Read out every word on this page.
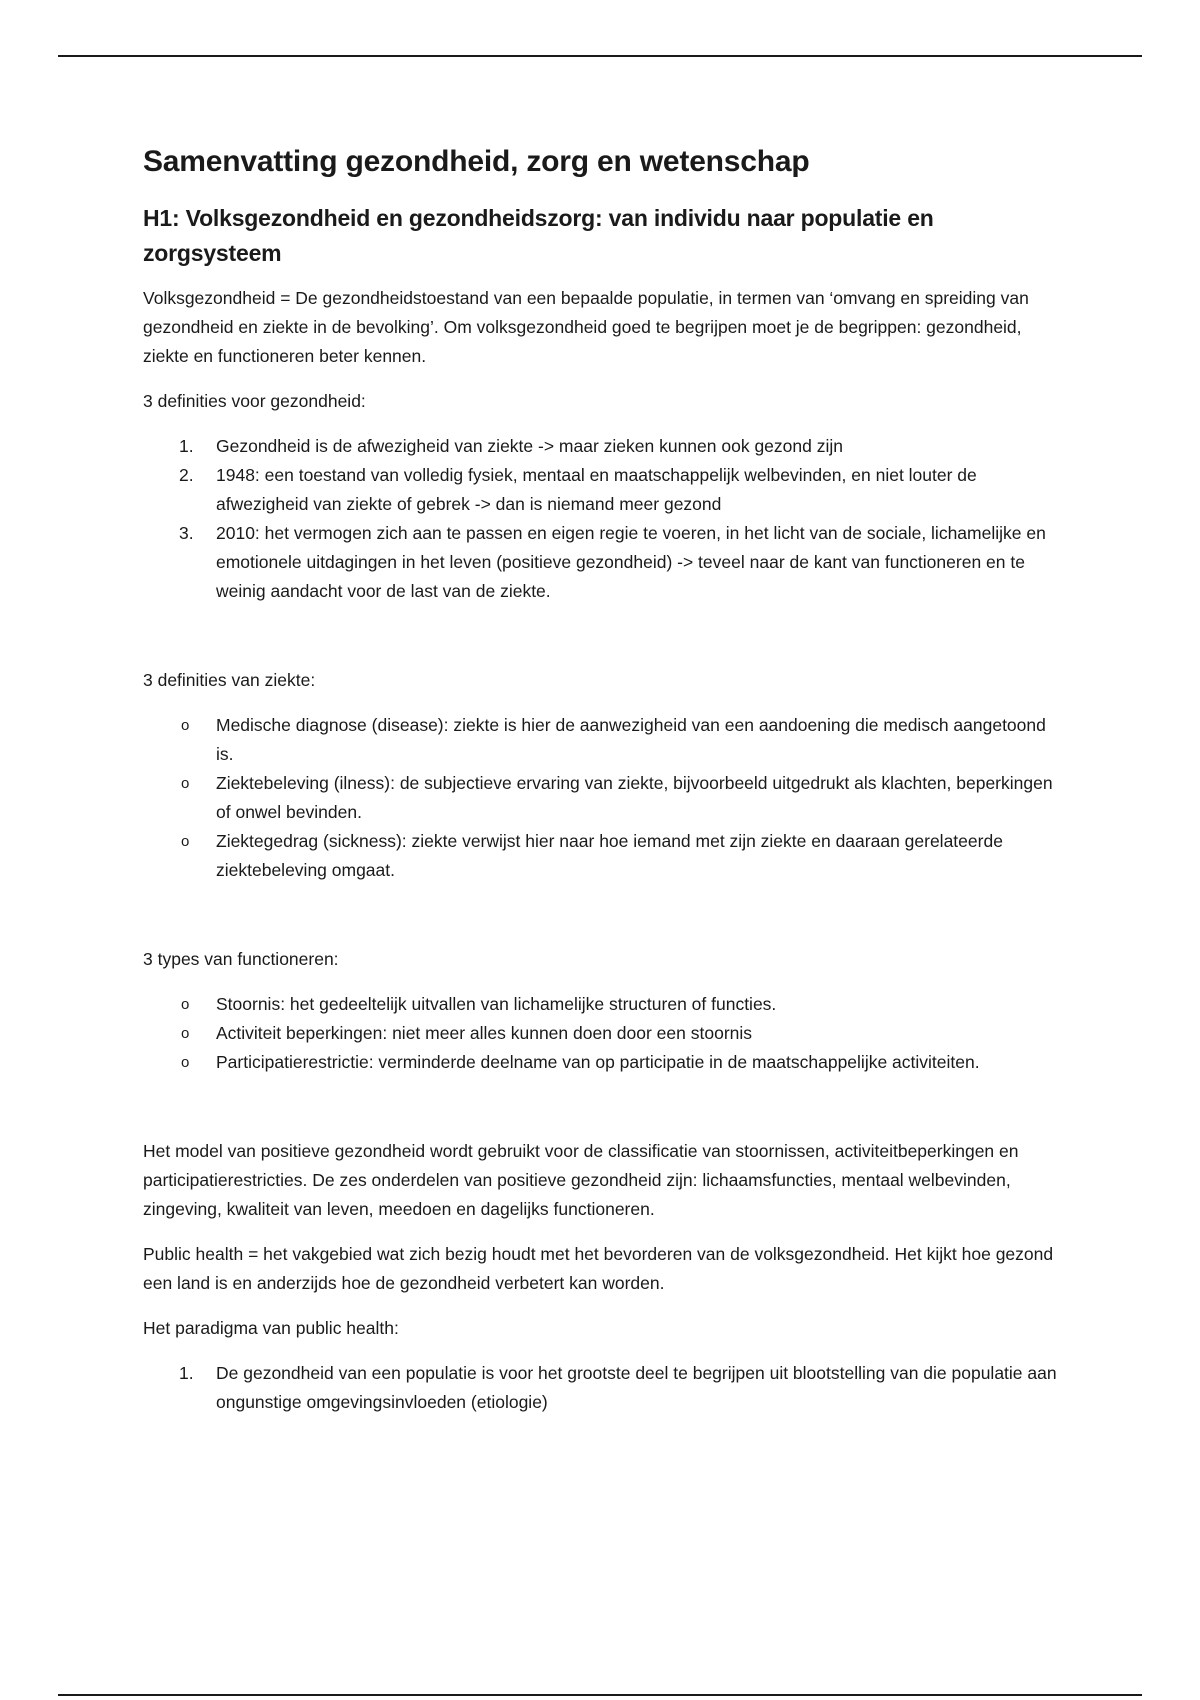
Samenvatting gezondheid, zorg en wetenschap
H1: Volksgezondheid en gezondheidszorg: van individu naar populatie en zorgsysteem

Volksgezondheid = De gezondheidstoestand van een bepaalde populatie, in termen van ‘omvang en spreiding van gezondheid en ziekte in de bevolking’. Om volksgezondheid goed te begrijpen moet je de begrippen: gezondheid, ziekte en functioneren beter kennen.

3 definities voor gezondheid:

1.	Gezondheid is de afwezigheid van ziekte -> maar zieken kunnen ook gezond zijn
2.	1948: een toestand van volledig fysiek, mentaal en maatschappelijk welbevinden, en niet louter de afwezigheid van ziekte of gebrek -> dan is niemand meer gezond
3.	2010: het vermogen zich aan te passen en eigen regie te voeren, in het licht van de sociale, lichamelijke en emotionele uitdagingen in het leven (positieve gezondheid) -> teveel naar de kant van functioneren en te weinig aandacht voor de last van de ziekte.

3 definities van ziekte:

o	Medische diagnose (disease): ziekte is hier de aanwezigheid van een aandoening die medisch aangetoond is.
o	Ziektebeleving (ilness): de subjectieve ervaring van ziekte, bijvoorbeeld uitgedrukt als klachten, beperkingen of onwel bevinden.
o	Ziektegedrag (sickness): ziekte verwijst hier naar hoe iemand met zijn ziekte en daaraan gerelateerde ziektebeleving omgaat.

3 types van functioneren:

o	Stoornis: het gedeeltelijk uitvallen van lichamelijke structuren of functies.
o	Activiteit beperkingen: niet meer alles kunnen doen door een stoornis
o	Participatierestrictie: verminderde deelname van op participatie in de maatschappelijke activiteiten.

Het model van positieve gezondheid wordt gebruikt voor de classificatie van stoornissen, activiteitbeperkingen en participatierestricties. De zes onderdelen van positieve gezondheid zijn: lichaamsfuncties, mentaal welbevinden, zingeving, kwaliteit van leven, meedoen en dagelijks functioneren.

Public health = het vakgebied wat zich bezig houdt met het bevorderen van de volksgezondheid. Het kijkt hoe gezond een land is en anderzijds hoe de gezondheid verbetert kan worden.

Het paradigma van public health:

1.	De gezondheid van een populatie is voor het grootste deel te begrijpen uit blootstelling van die populatie aan ongunstige omgevingsinvloeden (etiologie)
